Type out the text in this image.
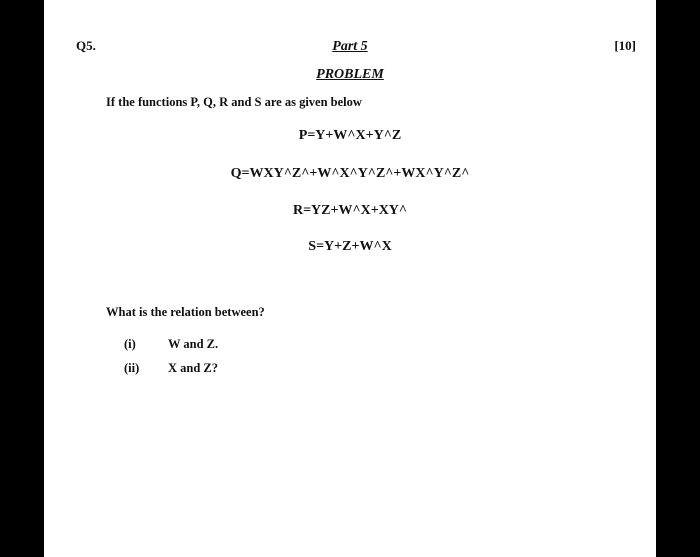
Q5.	[10]
Part 5
PROBLEM
If the functions P, Q, R and S are as given below
P=Y+W^X+Y^Z
Q=WXY^Z^+W^X^Y^Z^+WX^Y^Z^
R=YZ+W^X+XY^
S=Y+Z+W^X
What is the relation between?
(i)	W and Z.
(ii) X and Z?
